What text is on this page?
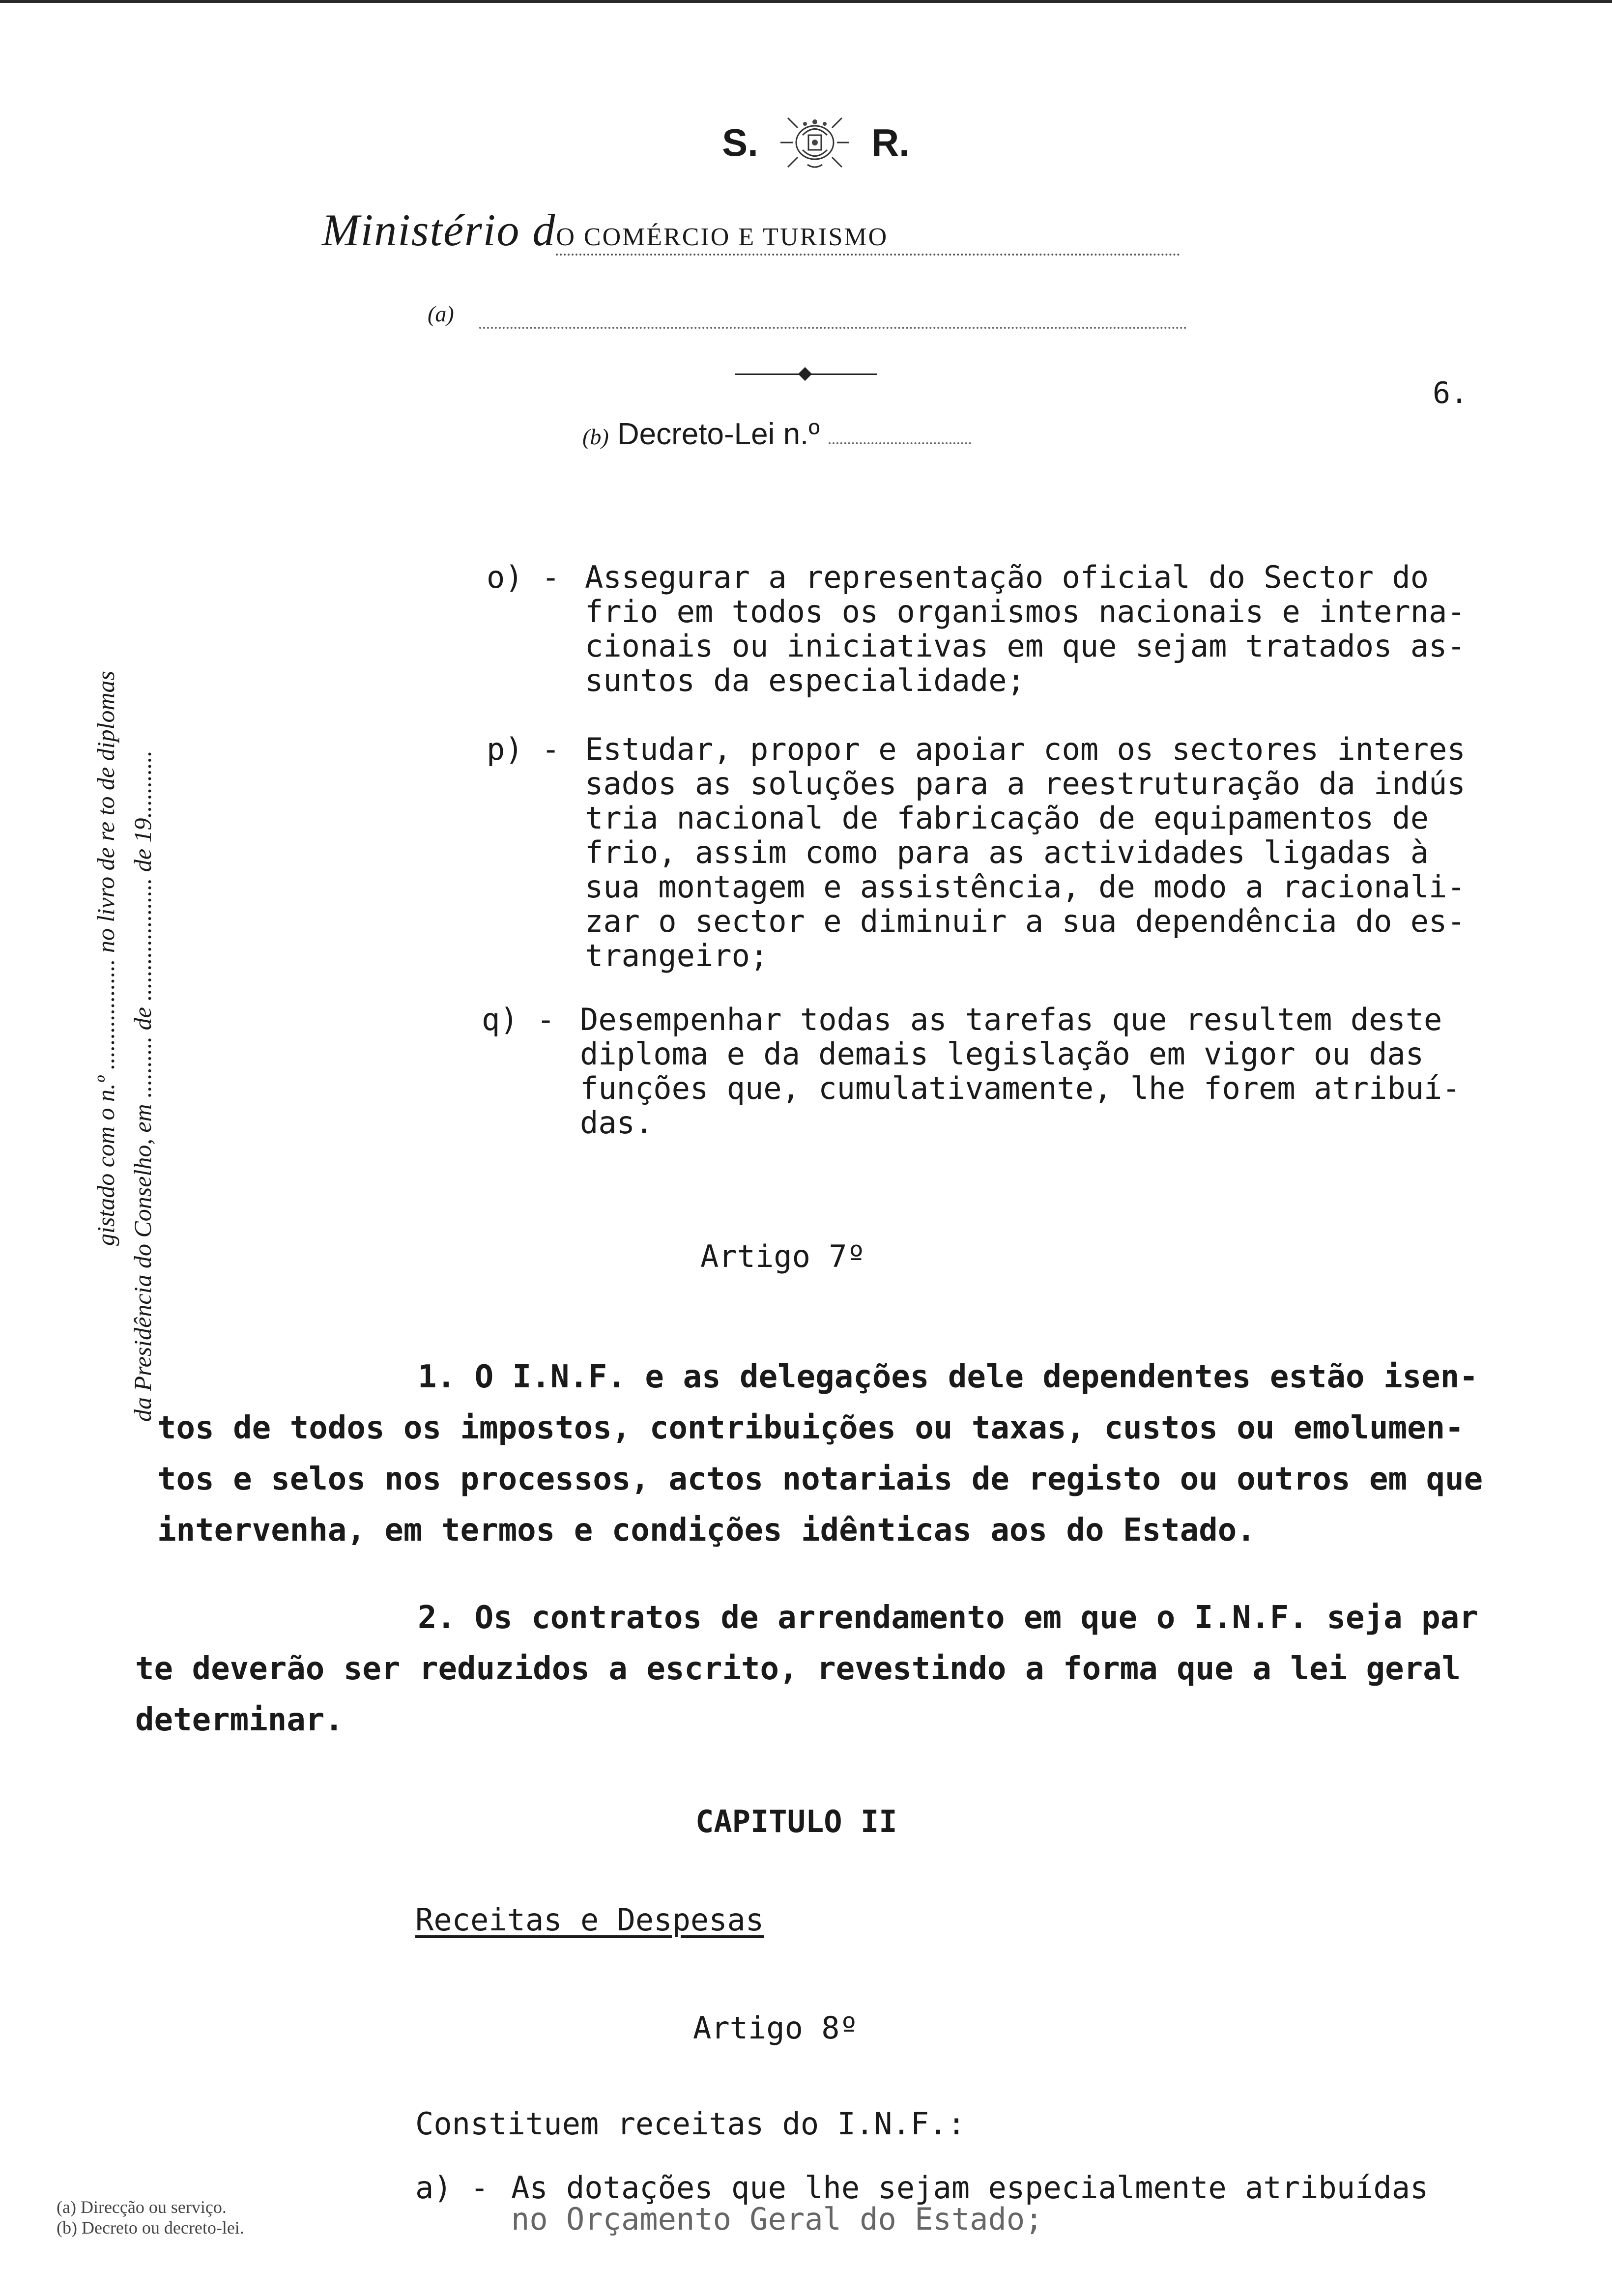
S.	R.
Ministério dO COMÉRCIO E TURISMO
(a)
6.
(b) Decreto-Lei n.º
gistado com o n.º .................. no livro de re to de diplomas da Presidência do Conselho, em .......... de .................... de 19...........
o) - Assegurar a representação oficial do Sector do
frio em todos os organismos nacionais e interna-
cionais ou iniciativas em que sejam tratados as-
suntos da especialidade;
p) - Estudar, propor e apoiar com os sectores interes
sados as soluções para a reestruturação da indús
tria nacional de fabricação de equipamentos de
frio, assim como para as actividades ligadas à
sua montagem e assistência, de modo a racionali-
zar o sector e diminuir a sua dependência do es-
trangeiro;
q) - Desempenhar todas as tarefas que resultem deste
diploma e da demais legislação em vigor ou das
funções que, cumulativamente, lhe forem atribuí-
das.
Artigo 7º
1. O I.N.F. e as delegações dele dependentes estão isen-
tos de todos os impostos, contribuições ou taxas, custos ou emolumen-
tos e selos nos processos, actos notariais de registo ou outros em que
intervenha, em termos e condições idênticas aos do Estado.
2. Os contratos de arrendamento em que o I.N.F. seja par
te deverão ser reduzidos a escrito, revestindo a forma que a lei geral
determinar.
CAPITULO II
Receitas e Despesas
Artigo 8º
Constituem receitas do I.N.F.:
a) - As dotações que lhe sejam especialmente atribuídas
no Orçamento Geral do Estado;
(a) Direcção ou serviço.
(b) Decreto ou decreto-lei.
